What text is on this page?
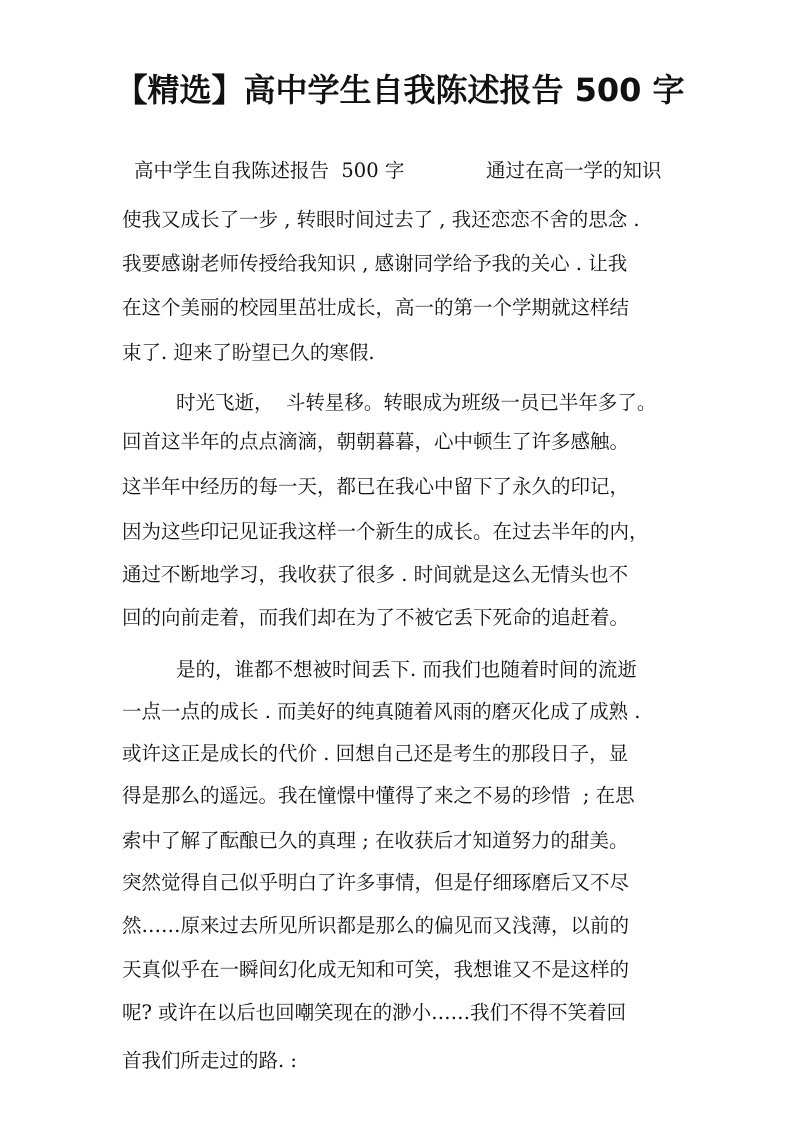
【精选】高中学生自我陈述报告 500 字
高中学生自我陈述报告  500 字	通过在高一学的知识
使我又成长了一步 , 转眼时间过去了 , 我还恋恋不舍的思念 .
我要感谢老师传授给我知识 , 感谢同学给予我的关心 . 让我
在这个美丽的校园里茁壮成长，高一的第一个学期就这样结
束了. 迎来了盼望已久的寒假.
时光飞逝，  斗转星移。转眼成为班级一员已半年多了。
回首这半年的点点滴滴，朝朝暮暮，心中顿生了许多感触。
这半年中经历的每一天，都已在我心中留下了永久的印记，
因为这些印记见证我这样一个新生的成长。在过去半年的内，
通过不断地学习，我收获了很多 . 时间就是这么无情头也不
回的向前走着，而我们却在为了不被它丢下死命的追赶着。
是的，谁都不想被时间丢下. 而我们也随着时间的流逝
一点一点的成长 . 而美好的纯真随着风雨的磨灭化成了成熟 .
或许这正是成长的代价 . 回想自己还是考生的那段日子，显
得是那么的遥远。我在憧憬中懂得了来之不易的珍惜  ; 在思
索中了解了酝酿已久的真理 ; 在收获后才知道努力的甜美。
突然觉得自己似乎明白了许多事情，但是仔细琢磨后又不尽
然……原来过去所见所识都是那么的偏见而又浅薄，以前的
天真似乎在一瞬间幻化成无知和可笑，我想谁又不是这样的
呢? 或许在以后也回嘲笑现在的渺小……我们不得不笑着回
首我们所走过的路. :
